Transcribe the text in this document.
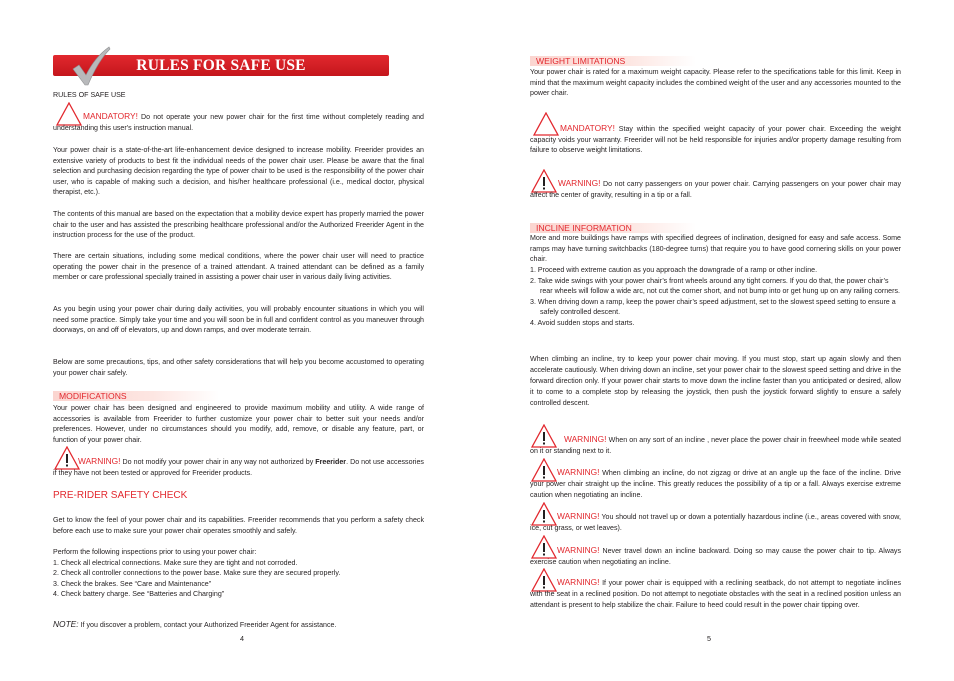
RULES FOR SAFE USE

RULES OF SAFE USE

MANDATORY! Do not operate your new power chair for the first time without completely reading and understanding this user's instruction manual.

Your power chair is a state-of-the-art life-enhancement device designed to increase mobility. Freerider provides an extensive variety of products to best fit the individual needs of the power chair user. Please be aware that the final selection and purchasing decision regarding the type of power chair to be used is the responsibility of the power chair user, who is capable of making such a decision, and his/her healthcare professional (i.e., medical doctor, physical therapist, etc.).

The contents of this manual are based on the expectation that a mobility device expert has properly married the power chair to the user and has assisted the prescribing healthcare professional and/or the Authorized Freerider Agent in the instruction process for the use of the product.

There are certain situations, including some medical conditions, where the power chair user will need to practice operating the power chair in the presence of a trained attendant. A trained attendant can be defined as a family member or care professional specially trained in assisting a power chair user in various daily living activities.

As you begin using your power chair during daily activities, you will probably encounter situations in which you will need some practice. Simply take your time and you will soon be in full and confident control as you maneuver through doorways, on and off of elevators, up and down ramps, and over moderate terrain.

Below are some precautions, tips, and other safety considerations that will help you become accustomed to operating your power chair safely.

MODIFICATIONS

Your power chair has been designed and engineered to provide maximum mobility and utility. A wide range of accessories is available from Freerider to further customize your power chair to better suit your needs and/or preferences. However, under no circumstances should you modify, add, remove, or disable any feature, part, or function of your power chair.

WARNING! Do not modify your power chair in any way not authorized by Freerider. Do not use accessories if they have not been tested or approved for Freerider products.

PRE-RIDER SAFETY CHECK

Get to know the feel of your power chair and its capabilities. Freerider recommends that you perform a safety check before each use to make sure your power chair operates smoothly and safely.

Perform the following inspections prior to using your power chair:

1. Check all electrical connections. Make sure they are tight and not corroded.
2. Check all controller connections to the power base. Make sure they are secured properly.
3. Check the brakes. See “Care and Maintenance”
4. Check battery charge. See “Batteries and Charging”
NOTE: If you discover a problem, contact your Authorized Freerider Agent for assistance.
4
WEIGHT LIMITATIONS

Your power chair is rated for a maximum weight capacity. Please refer to the specifications table for this limit. Keep in mind that the maximum weight capacity includes the combined weight of the user and any accessories mounted to the power chair.

MANDATORY! Stay within the specified weight capacity of your power chair. Exceeding the weight capacity voids your warranty. Freerider will not be held responsible for injuries and/or property damage resulting from failure to observe weight limitations.

WARNING! Do not carry passengers on your power chair. Carrying passengers on your power chair may affect the center of gravity, resulting in a tip or a fall.

INCLINE INFORMATION

More and more buildings have ramps with specified degrees of inclination, designed for easy and safe access. Some ramps may have turning switchbacks (180-degree turns) that require you to have good cornering skills on your power chair.

1. Proceed with extreme caution as you approach the downgrade of a ramp or other incline.
2. Take wide swings with your power chair’s front wheels around any tight corners. If you do that, the power chair’s rear wheels will follow a wide arc, not cut the corner short, and not bump into or get hung up on any railing corners.
3. When driving down a ramp, keep the power chair’s speed adjustment, set to the slowest speed setting to ensure a safely controlled descent.
4. Avoid sudden stops and starts.

When climbing an incline, try to keep your power chair moving. If you must stop, start up again slowly and then accelerate cautiously. When driving down an incline, set your power chair to the slowest speed setting and drive in the forward direction only. If your power chair starts to move down the incline faster than you anticipated or desired, allow it to come to a complete stop by releasing the joystick, then push the joystick forward slightly to ensure a safely controlled descent.

WARNING! When on any sort of an incline , never place the power chair in freewheel mode while seated on it or standing next to it.

WARNING! When climbing an incline, do not zigzag or drive at an angle up the face of the incline. Drive your power chair straight up the incline. This greatly reduces the possibility of a tip or a fall. Always exercise extreme caution when negotiating an incline.

WARNING! You should not travel up or down a potentially hazardous incline (i.e., areas covered with snow, ice, cut grass, or wet leaves).

WARNING! Never travel down an incline backward. Doing so may cause the power chair to tip. Always exercise caution when negotiating an incline.

WARNING! If your power chair is equipped with a reclining seatback, do not attempt to negotiate inclines with the seat in a reclined position. Do not attempt to negotiate obstacles with the seat in a reclined position unless an attendant is present to help stabilize the chair. Failure to heed could result in the power chair tipping over.

5
